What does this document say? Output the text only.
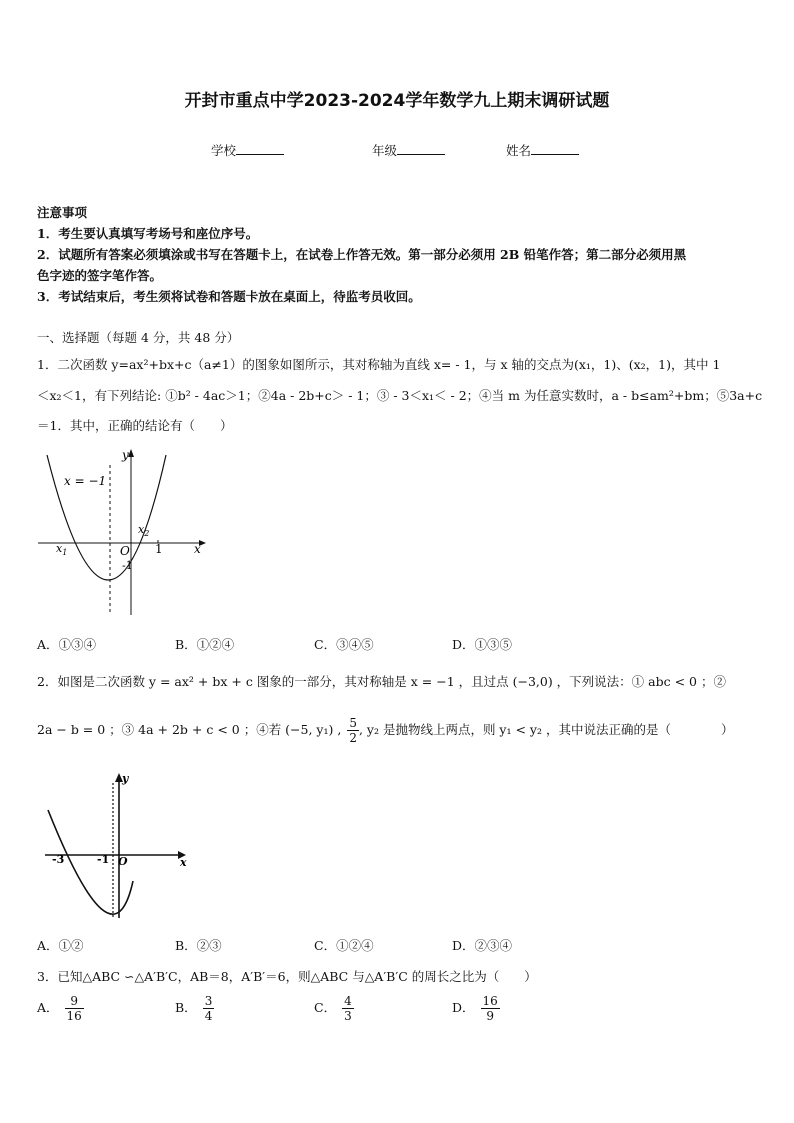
开封市重点中学2023-2024学年数学九上期末调研试题
学校	年级	姓名
注意事项
1．考生要认真填写考场号和座位序号。
2．试题所有答案必须填涂或书写在答题卡上，在试卷上作答无效。第一部分必须用 2B 铅笔作答；第二部分必须用黑
色字迹的签字笔作答。
3．考试结束后，考生须将试卷和答题卡放在桌面上，待监考员收回。
一、选择题（每题 4 分，共 48 分）
1．二次函数 y=ax²+bx+c（a≠1）的图象如图所示，其对称轴为直线 x= - 1，与 x 轴的交点为(x₁，1)、(x₂，1)，其中 1
＜x₂＜1，有下列结论: ①b² - 4ac＞1；②4a - 2b+c＞ - 1；③ - 3＜x₁＜ - 2；④当 m 为任意实数时，a - b≤am²+bm；⑤3a+c
＝1．其中，正确的结论有（　　）
x
y
x = −1
O 1
-1
$x_1$
$x_2$
A．①③④	B．①②④	C．③④⑤	D．①③⑤
2．如图是二次函数 y = ax² + bx + c 图象的一部分，其对称轴是 x = −1 ，且过点 (−3,0) ，下列说法：① abc < 0 ；②
2a − b = 0 ；③ 4a + 2b + c < 0 ；④若 (−5, y₁) , $\frac{5}{2}$ , y₂ 是抛物线上两点，则 y₁ < y₂ ，其中说法正确的是（　　　　）
x
y
-3	-1 O
A．①②	B．②③	C．①②④	D．②③④
3．已知△ABC ∽△A′B′C，AB＝8，A′B′＝6，则△ABC 与△A′B′C 的周长之比为（　　）
A． $\frac{9}{16}$	B． $\frac{3}{4}$	C． $\frac{4}{3}$	D． $\frac{16}{9}$
